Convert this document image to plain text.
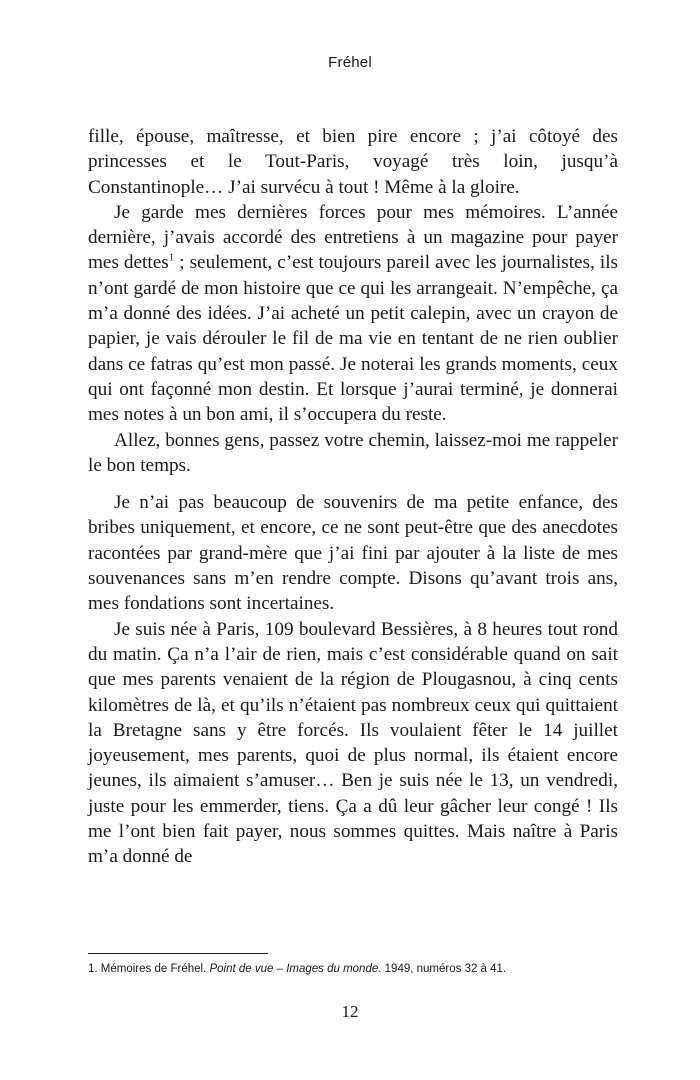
Fréhel

fille, épouse, maîtresse, et bien pire encore ; j’ai côtoyé des princesses et le Tout-Paris, voyagé très loin, jusqu’à Constantinople… J’ai survécu à tout ! Même à la gloire.

Je garde mes dernières forces pour mes mémoires. L’année dernière, j’avais accordé des entretiens à un magazine pour payer mes dettes$^1$ ; seulement, c’est toujours pareil avec les journalistes, ils n’ont gardé de mon histoire que ce qui les arrangeait. N’empêche, ça m’a donné des idées. J’ai acheté un petit calepin, avec un crayon de papier, je vais dérouler le fil de ma vie en tentant de ne rien oublier dans ce fatras qu’est mon passé. Je noterai les grands moments, ceux qui ont façonné mon destin. Et lorsque j’aurai terminé, je donnerai mes notes à un bon ami, il s’occupera du reste.

Allez, bonnes gens, passez votre chemin, laissez-moi me rappeler le bon temps.

Je n’ai pas beaucoup de souvenirs de ma petite enfance, des bribes uniquement, et encore, ce ne sont peut-être que des anecdotes racontées par grand-mère que j’ai fini par ajouter à la liste de mes souvenances sans m’en rendre compte. Disons qu’avant trois ans, mes fondations sont incertaines.

Je suis née à Paris, 109 boulevard Bessières, à 8 heures tout rond du matin. Ça n’a l’air de rien, mais c’est considérable quand on sait que mes parents venaient de la région de Plougasnou, à cinq cents kilomètres de là, et qu’ils n’étaient pas nombreux ceux qui quittaient la Bretagne sans y être forcés. Ils voulaient fêter le 14 juillet joyeusement, mes parents, quoi de plus normal, ils étaient encore jeunes, ils aimaient s’amuser… Ben je suis née le 13, un vendredi, juste pour les emmerder, tiens. Ça a dû leur gâcher leur congé ! Ils me l’ont bien fait payer, nous sommes quittes. Mais naître à Paris m’a donné de

1. Mémoires de Fréhel. Point de vue – Images du monde. 1949, numéros 32 à 41.
12
